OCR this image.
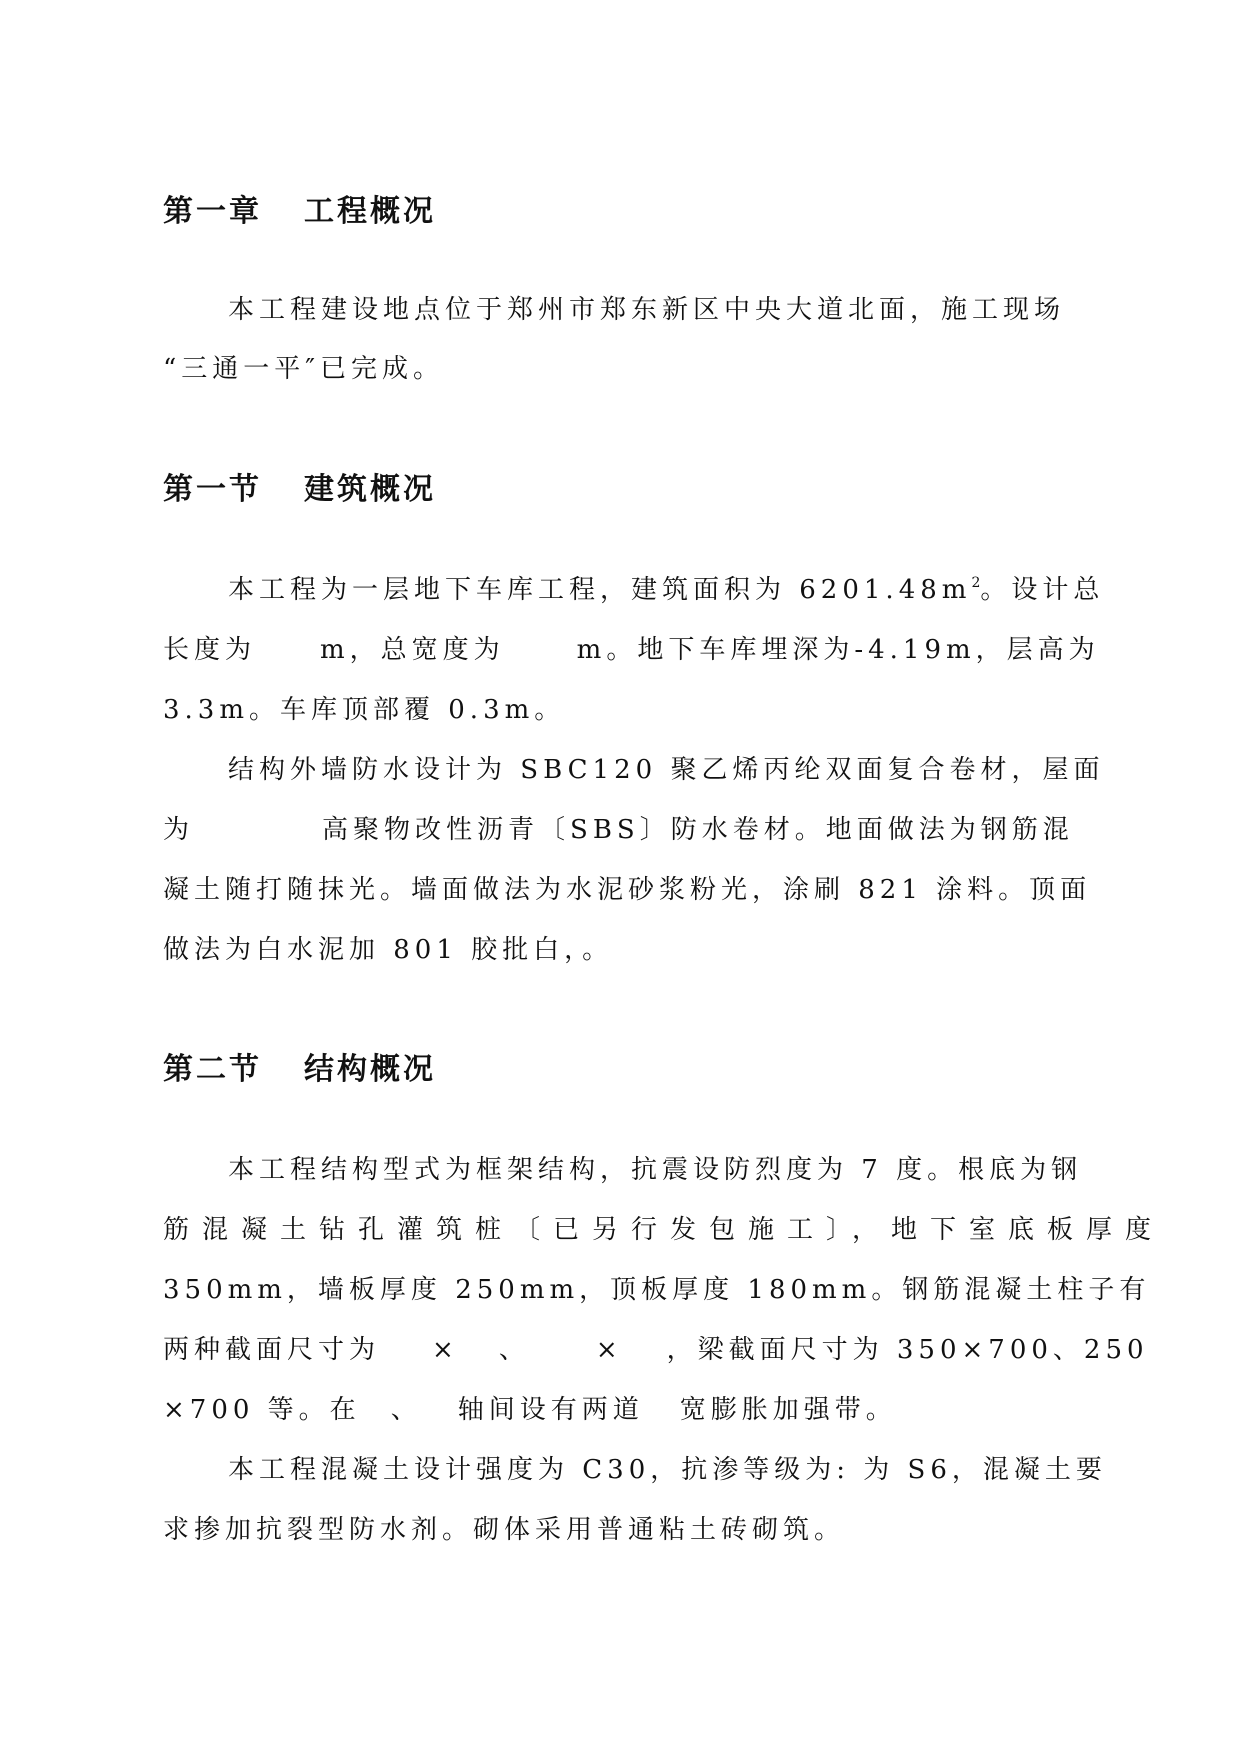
第一章 工程概况
本工程建设地点位于郑州市郑东新区中央大道北面，施工现场
“三通一平″已完成。
第一节 建筑概况
本工程为一层地下车库工程，建筑面积为 $6201.48m^2$。设计总
长度为 m，总宽度为	m。地下车库埋深为-4.19m，层高为
3.3m。车库顶部覆 0.3m。
结构外墙防水设计为 SBC120 聚乙烯丙纶双面复合卷材，屋面
为	高聚物改性沥青〔SBS〕防水卷材。地面做法为钢筋混
凝土随打随抹光。墙面做法为水泥砂浆粉光，涂刷 821 涂料。顶面
做法为白水泥加 801 胶批白，。
第二节 结构概况
本工程结构型式为框架结构，抗震设防烈度为 7 度。根底为钢
筋混凝土钻孔灌筑桩〔已另行发包施工〕，地下室底板厚度
350mm，墙板厚度 250mm，顶板厚度 180mm。钢筋混凝土柱子有
两种截面尺寸为 × 、	× ，梁截面尺寸为 350×700、250
×700 等。在 、 轴间设有两道 宽膨胀加强带。
本工程混凝土设计强度为 C30，抗渗等级为: 为 S6，混凝土要
求掺加抗裂型防水剂。砌体采用普通粘土砖砌筑。
